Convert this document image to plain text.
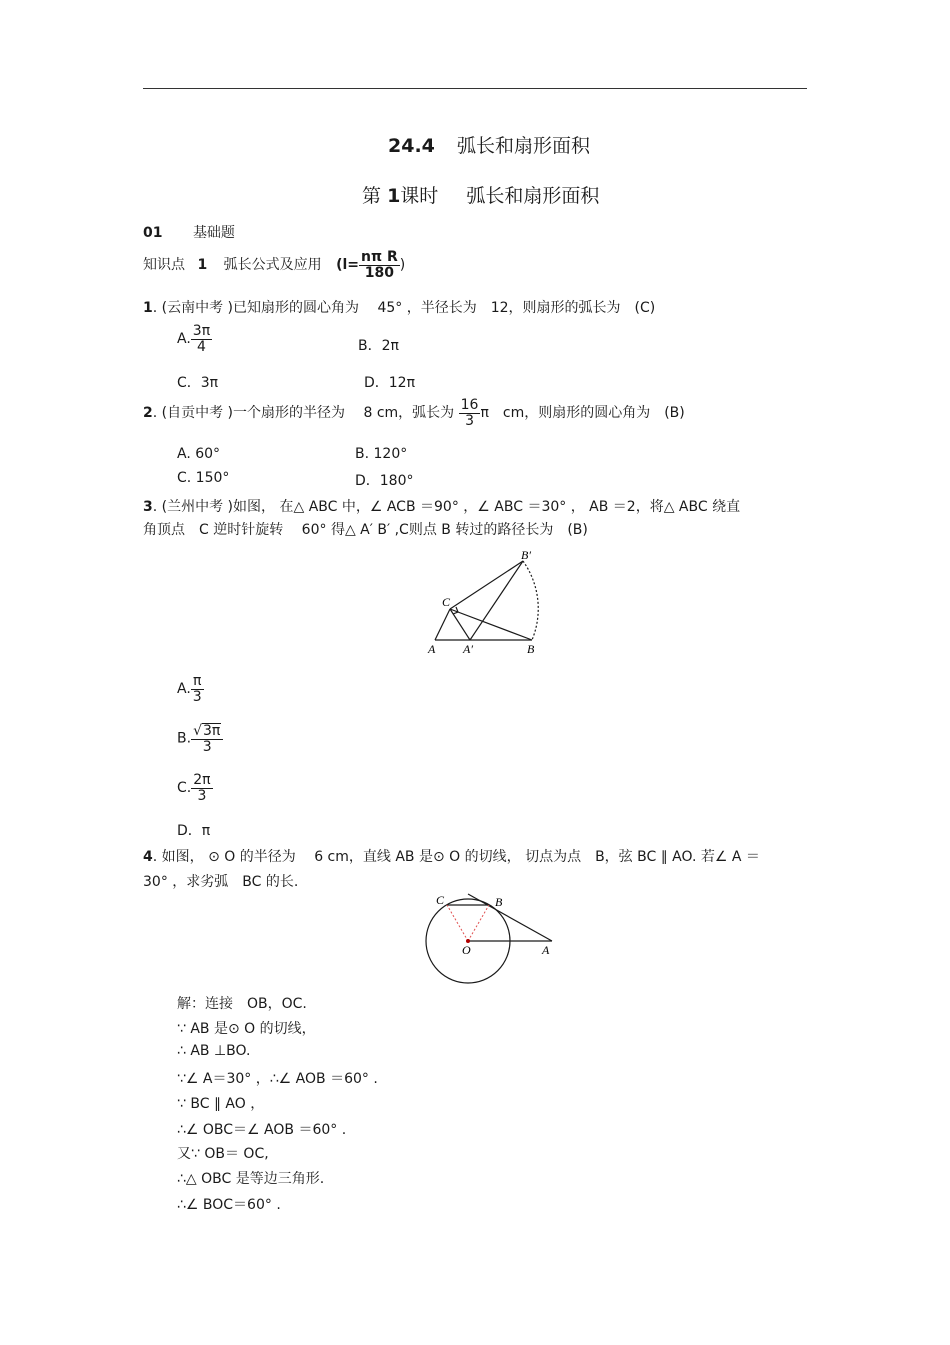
24.4 弧长和扇形面积
第 1课时 弧长和扇形面积
01 基础题
知识点 1 弧长公式及应用 ($l= \frac{\text{nπ R}}{180}$ )
1. (云南中考 )已知扇形的圆心角为　 45° ，半径长为　12，则扇形的弧长为　(C)
A. $\frac{3\pi}{4}$	B．2π
C．3π	D．12π
2. (自贡中考 )一个扇形的半径为　 8 cm，弧长为 $\frac{16}{3}$ π　cm，则扇形的圆心角为　(B)
A. 60°	B. 120°
C. 150°	D．180°
3. (兰州中考 )如图， 在△ ABC 中，∠ ACB ＝90° ，∠ ABC ＝30° ， AB ＝2，将△ ABC 绕直
角顶点　C 逆时针旋转　 60° 得△ A′ B′ ,C则点 B 转过的路径长为　(B)
A A′	B
C
B′
A. $\frac{\pi}{3}$
B. $\frac{√3\pi}{3}$
C. $\frac{2\pi}{3}$
D．π
4. 如图， ⊙ O 的半径为　 6 cm，直线 AB 是⊙ O 的切线， 切点为点　B，弦 BC ∥ AO. 若∠ A ＝
30° ，求劣弧　BC 的长.
C	B
O	A
解：连接　OB，OC.
∵ AB 是⊙ O 的切线，
∴ AB ⊥BO.
∵∠ A＝30° ，∴∠ AOB ＝60° .
∵ BC ∥ AO ，
∴∠ OBC＝∠ AOB ＝60° .
又∵ OB＝ OC,
∴△ OBC 是等边三角形.
∴∠ BOC＝60° .
